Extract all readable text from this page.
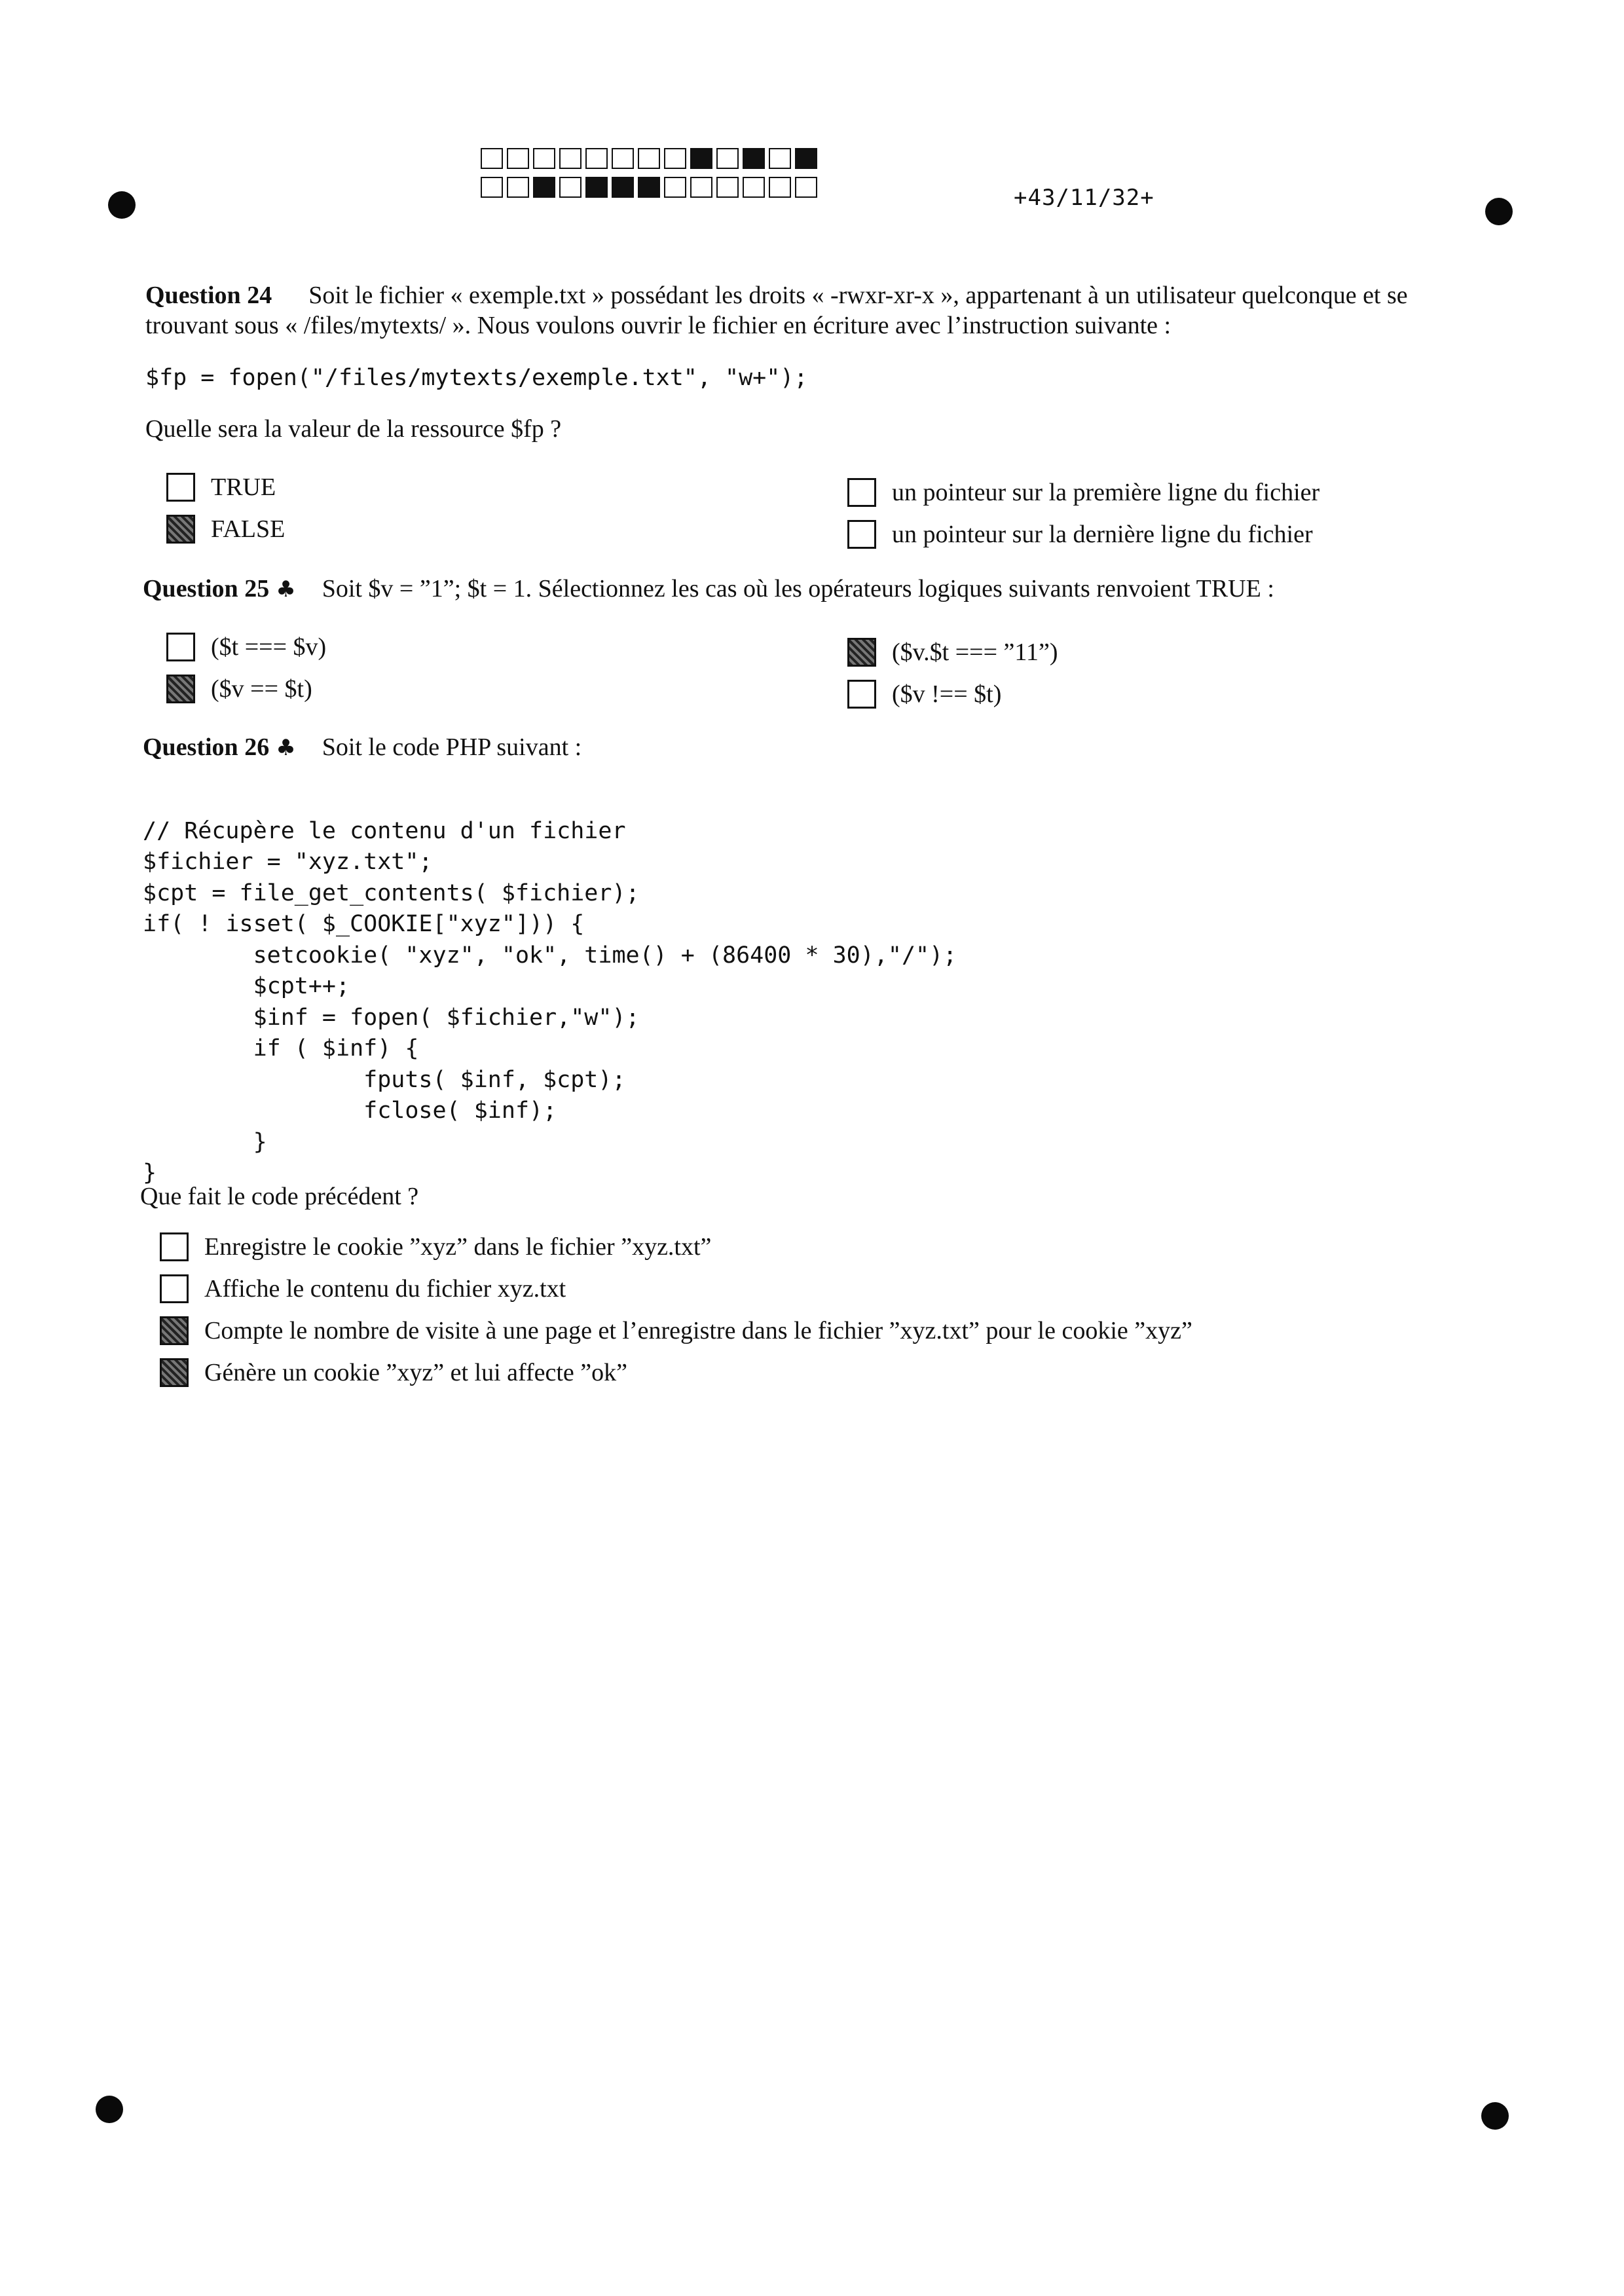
+43/11/32+
Question 24 Soit le fichier « exemple.txt » possédant les droits « -rwxr-xr-x », appartenant à un utilisateur quelconque et se trouvant sous « /files/mytexts/ ». Nous voulons ouvrir le fichier en écriture avec l’instruction suivante :
$fp = fopen("/files/mytexts/exemple.txt", "w+");
Quelle sera la valeur de la ressource $fp ?
TRUE
FALSE
un pointeur sur la première ligne du fichier
un pointeur sur la dernière ligne du fichier
Question 25 ♣ Soit $v = ”1”; $t = 1. Sélectionnez les cas où les opérateurs logiques suivants renvoient TRUE :
($t === $v)
($v == $t)
($v.$t === ”11”)
($v !== $t)
Question 26 ♣ Soit le code PHP suivant :

// Récupère le contenu d'un fichier
$fichier = "xyz.txt";
$cpt = file_get_contents( $fichier);
if( ! isset( $_COOKIE["xyz"])) {
setcookie( "xyz", "ok", time() + (86400 * 30),"/");
$cpt++;
$inf = fopen( $fichier,"w");
if ( $inf) {
fputs( $inf, $cpt);
fclose( $inf);
}
}

Que fait le code précédent ?
Enregistre le cookie ”xyz” dans le fichier ”xyz.txt”
Affiche le contenu du fichier xyz.txt
Compte le nombre de visite à une page et l’enregistre dans le fichier ”xyz.txt” pour le cookie ”xyz”
Génère un cookie ”xyz” et lui affecte ”ok”
